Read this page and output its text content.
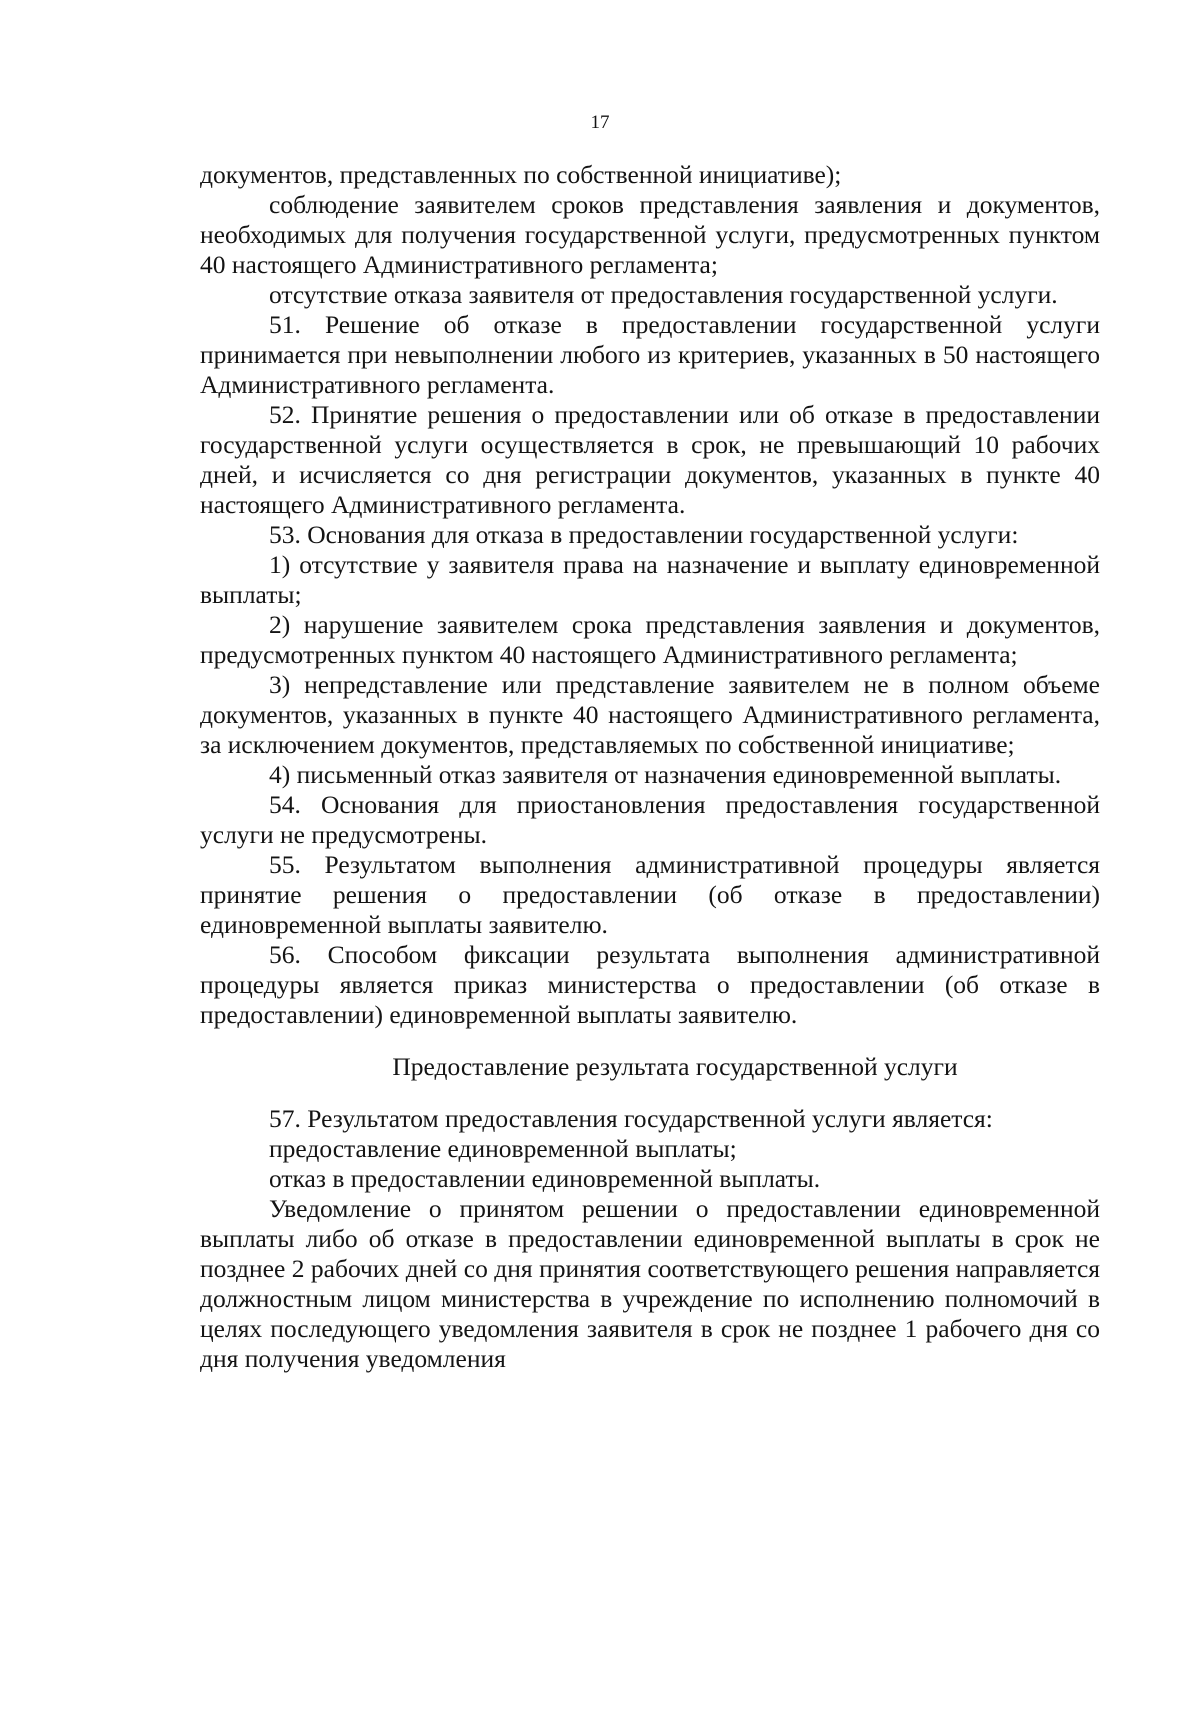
17

документов, представленных по собственной инициативе);

соблюдение заявителем сроков представления заявления и документов, необходимых для получения государственной услуги, предусмотренных пунктом 40 настоящего Административного регламента;

отсутствие отказа заявителя от предоставления государственной услуги.

51. Решение об отказе в предоставлении государственной услуги принимается при невыполнении любого из критериев, указанных в 50 настоящего Административного регламента.

52. Принятие решения о предоставлении или об отказе в предоставлении государственной услуги осуществляется в срок, не превышающий 10 рабочих дней, и исчисляется со дня регистрации документов, указанных в пункте 40 настоящего Административного регламента.

53. Основания для отказа в предоставлении государственной услуги:

1) отсутствие у заявителя права на назначение и выплату единовременной выплаты;

2) нарушение заявителем срока представления заявления и документов, предусмотренных пунктом 40 настоящего Административного регламента;

3) непредставление или представление заявителем не в полном объеме документов, указанных в пункте 40 настоящего Административного регламента, за исключением документов, представляемых по собственной инициативе;

4) письменный отказ заявителя от назначения единовременной выплаты.

54. Основания для приостановления предоставления государственной услуги не предусмотрены.

55. Результатом выполнения административной процедуры является принятие решения о предоставлении (об отказе в предоставлении) единовременной выплаты заявителю.

56. Способом фиксации результата выполнения административной процедуры является приказ министерства о предоставлении (об отказе в предоставлении) единовременной выплаты заявителю.

Предоставление результата государственной услуги

57. Результатом предоставления государственной услуги является:

предоставление единовременной выплаты;

отказ в предоставлении единовременной выплаты.

Уведомление о принятом решении о предоставлении единовременной выплаты либо об отказе в предоставлении единовременной выплаты в срок не позднее 2 рабочих дней со дня принятия соответствующего решения направляется должностным лицом министерства в учреждение по исполнению полномочий в целях последующего уведомления заявителя в срок не позднее 1 рабочего дня со дня получения уведомления
